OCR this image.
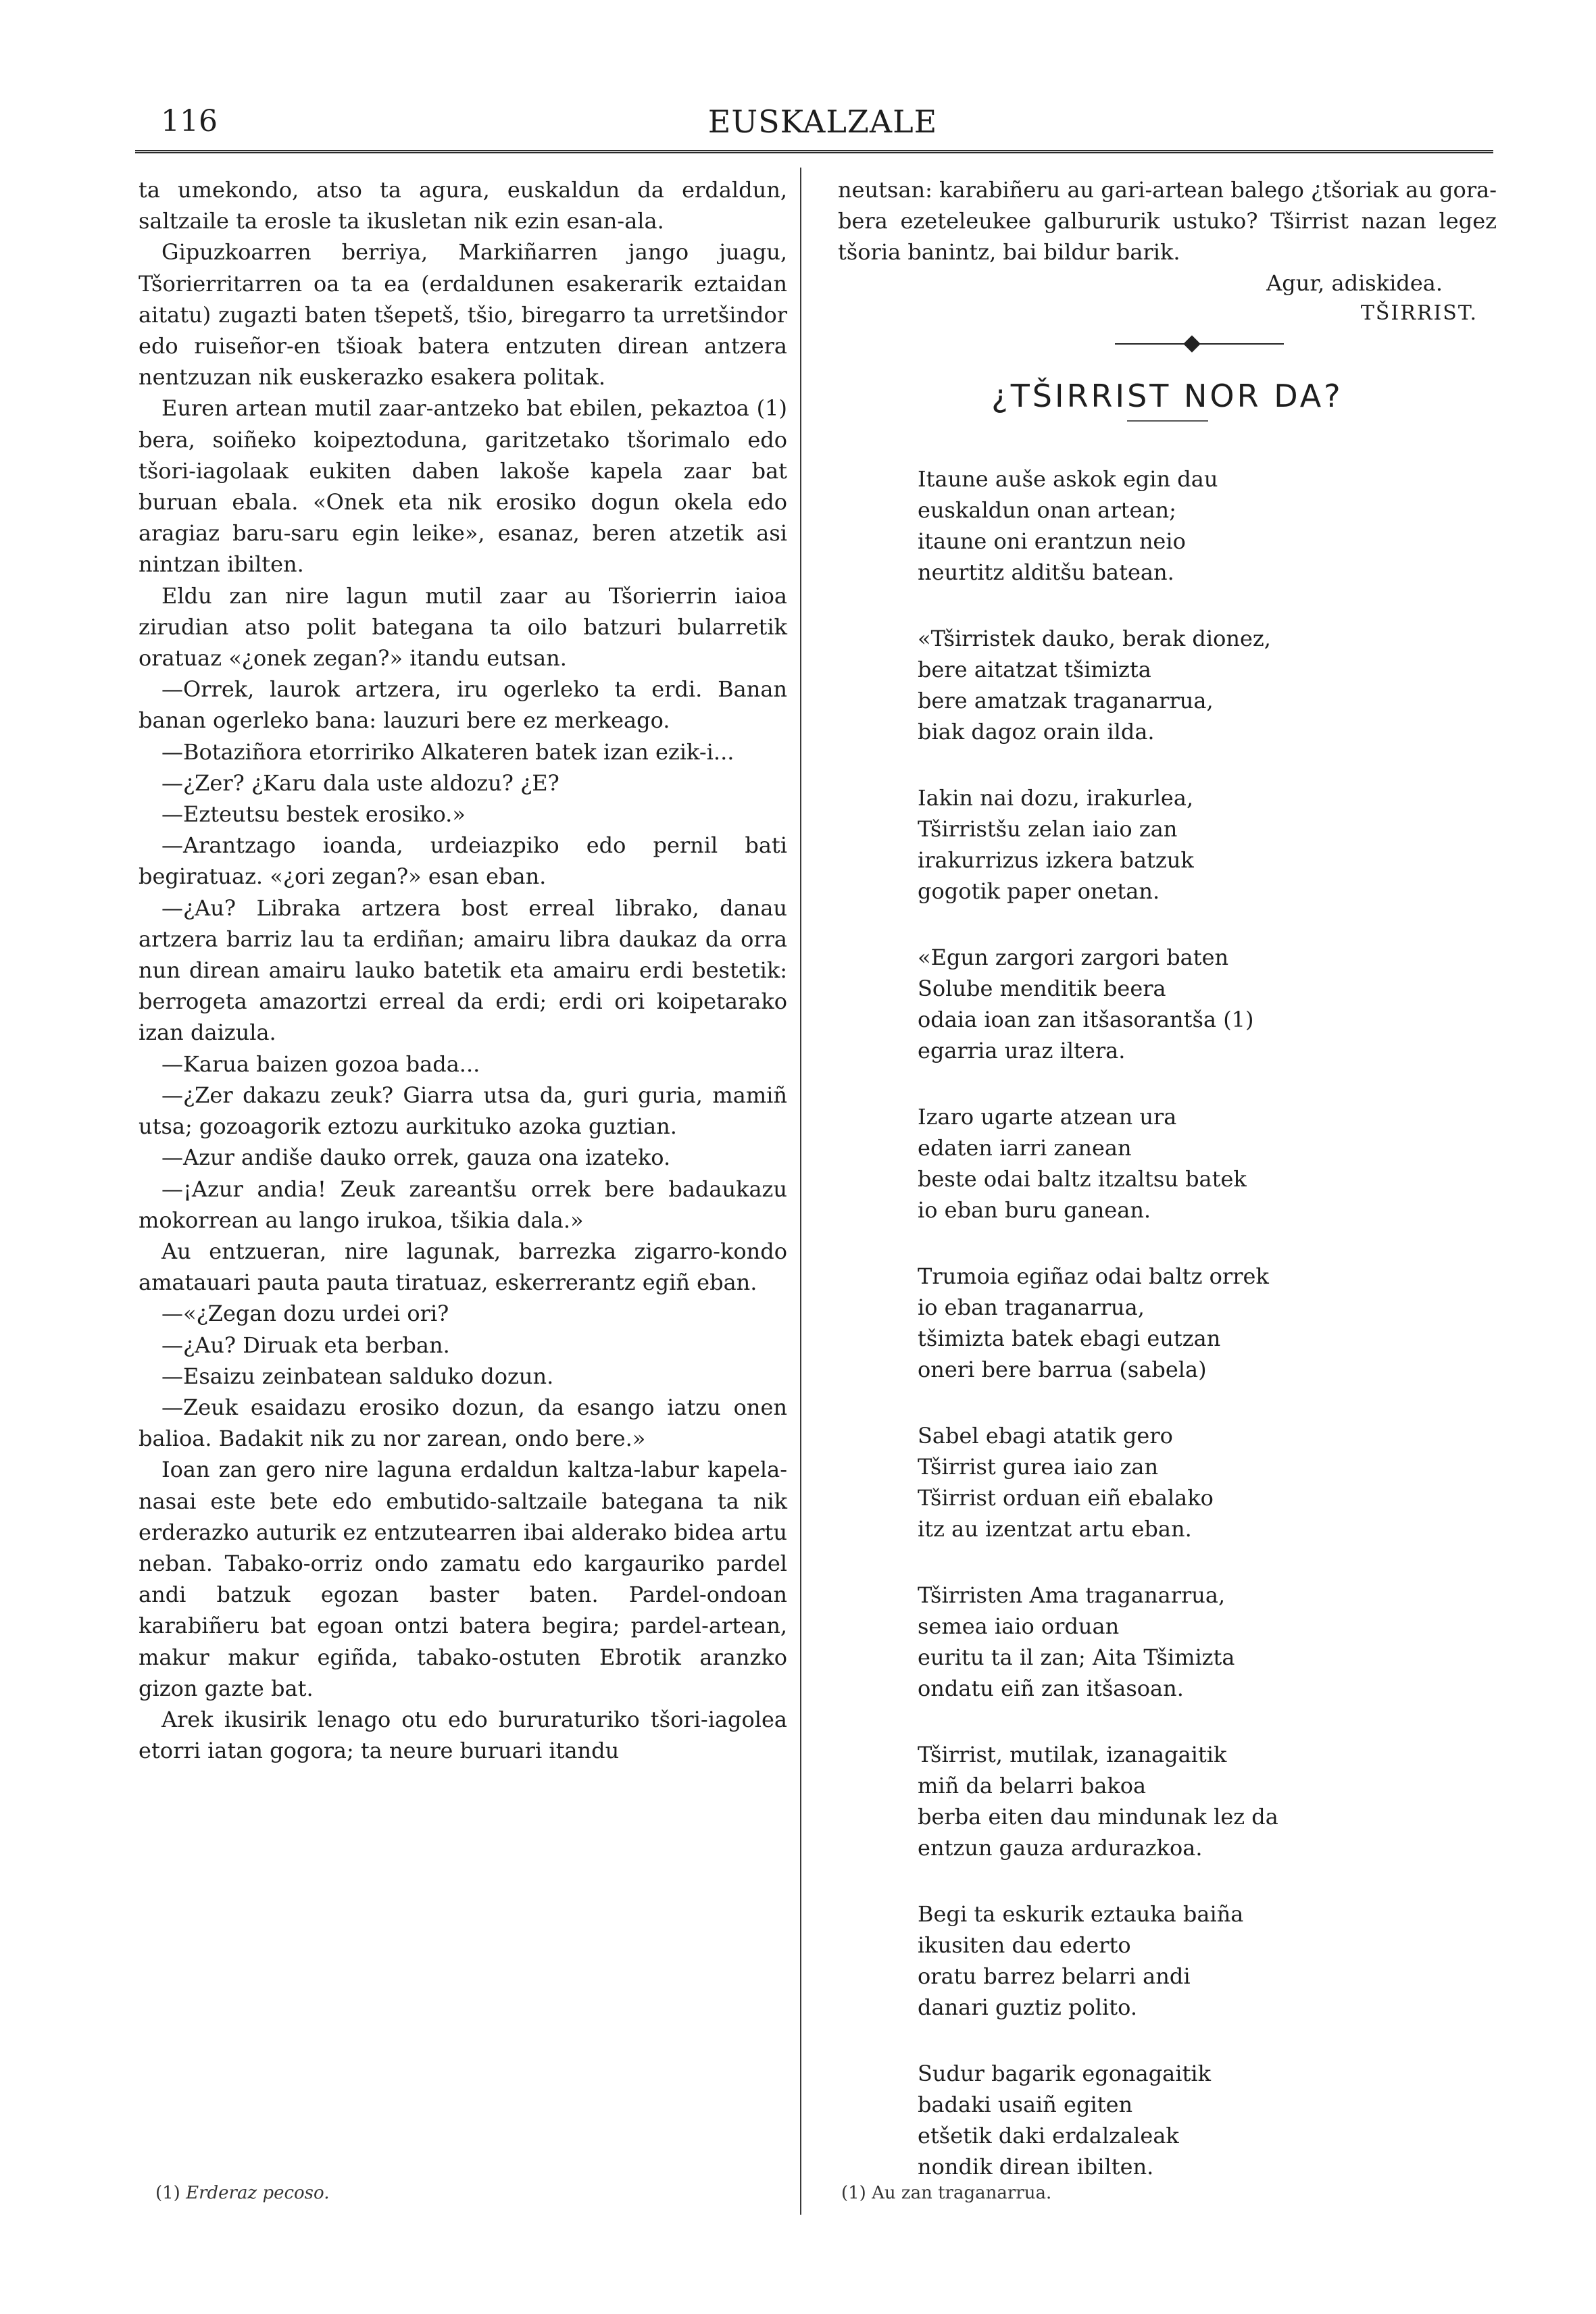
116	EUSKALZALE

ta umekondo, atso ta agura, euskaldun da erdaldun, saltzaile ta erosle ta ikusletan nik ezin esan-ala.

Gipuzkoarren berriya, Markiñarren jango juagu, Tšorierritarren oa ta ea (erdaldunen esakerarik eztaidan aitatu) zugazti baten tšepetš, tšio, biregarro ta urretšindor edo ruiseñor-en tšioak batera entzuten direan antzera nentzuzan nik euskerazko esakera politak.

Euren artean mutil zaar-antzeko bat ebilen, pekaztoa (1) bera, soiñeko koipeztoduna, garitzetako tšorimalo edo tšori-iagolaak eukiten daben lakoše kapela zaar bat buruan ebala. «Onek eta nik erosiko dogun okela edo aragiaz baru-saru egin leike», esanaz, beren atzetik asi nintzan ibilten.

Eldu zan nire lagun mutil zaar au Tšorierrin iaioa zirudian atso polit bategana ta oilo batzuri bularretik oratuaz «¿onek zegan?» itandu eutsan.

—Orrek, laurok artzera, iru ogerleko ta erdi. Banan banan ogerleko bana: lauzuri bere ez merkeago.

—Botaziñora etorririko Alkateren batek izan ezik-i...

—¿Zer? ¿Karu dala uste aldozu? ¿E?

—Ezteutsu bestek erosiko.»

—Arantzago ioanda, urdeiazpiko edo pernil bati begiratuaz. «¿ori zegan?» esan eban.

—¿Au? Libraka artzera bost erreal librako, danau artzera barriz lau ta erdiñan; amairu libra daukaz da orra nun direan amairu lauko batetik eta amairu erdi bestetik: berrogeta amazortzi erreal da erdi; erdi ori koipetarako izan daizula.

—Karua baizen gozoa bada...

—¿Zer dakazu zeuk? Giarra utsa da, guri guria, mamiñ utsa; gozoagorik eztozu aurkituko azoka guztian.

—Azur andiše dauko orrek, gauza ona izateko.

—¡Azur andia! Zeuk zareantšu orrek bere badaukazu mokorrean au lango irukoa, tšikia dala.»

Au entzueran, nire lagunak, barrezka zigarro-kondo amatauari pauta pauta tiratuaz, eskerrerantz egiñ eban.

—«¿Zegan dozu urdei ori?

—¿Au? Diruak eta berban.

—Esaizu zeinbatean salduko dozun.

—Zeuk esaidazu erosiko dozun, da esango iatzu onen balioa. Badakit nik zu nor zarean, ondo bere.»

Ioan zan gero nire laguna erdaldun kaltza-labur kapela-nasai este bete edo embutido-saltzaile bategana ta nik erderazko auturik ez entzutearren ibai alderako bidea artu neban. Tabako-orriz ondo zamatu edo kargauriko pardel andi batzuk egozan baster baten. Pardel-ondoan karabiñeru bat egoan ontzi batera begira; pardel-artean, makur makur egiñda, tabako-ostuten Ebrotik aranzko gizon gazte bat.

Arek ikusirik lenago otu edo bururaturiko tšori-iagolea etorri iatan gogora; ta neure buruari itandu

neutsan: karabiñeru au gari-artean balego ¿tšoriak au gora-bera ezeteleukee galbururik ustuko? Tširrist nazan legez tšoria banintz, bai bildur barik.

Agur, adiskidea.
TŠIRRIST.
¿TŠIRRIST NOR DA?
Itaune auše askok egin dau
euskaldun onan artean;
itaune oni erantzun neio
neurtitz alditšu batean.
«Tširristek dauko, berak dionez,
bere aitatzat tšimizta
bere amatzak traganarrua,
biak dagoz orain ilda.
Iakin nai dozu, irakurlea,
Tširristšu zelan iaio zan
irakurrizus izkera batzuk
gogotik paper onetan.
«Egun zargori zargori baten
Solube menditik beera
odaia ioan zan itšasorantša (1)
egarria uraz iltera.
Izaro ugarte atzean ura
edaten iarri zanean
beste odai baltz itzaltsu batek
io eban buru ganean.
Trumoia egiñaz odai baltz orrek
io eban traganarrua,
tšimizta batek ebagi eutzan
oneri bere barrua (sabela)
Sabel ebagi atatik gero
Tširrist gurea iaio zan
Tširrist orduan eiñ ebalako
itz au izentzat artu eban.
Tširristen Ama traganarrua,
semea iaio orduan
euritu ta il zan; Aita Tšimizta
ondatu eiñ zan itšasoan.
Tširrist, mutilak, izanagaitik
miñ da belarri bakoa
berba eiten dau mindunak lez da
entzun gauza ardurazkoa.
Begi ta eskurik eztauka baiña
ikusiten dau ederto
oratu barrez belarri andi
danari guztiz polito.
Sudur bagarik egonagaitik
badaki usaiñ egiten
etšetik daki erdalzaleak
nondik direan ibilten.
(1) Erderaz pecoso.	(1) Au zan traganarrua.
